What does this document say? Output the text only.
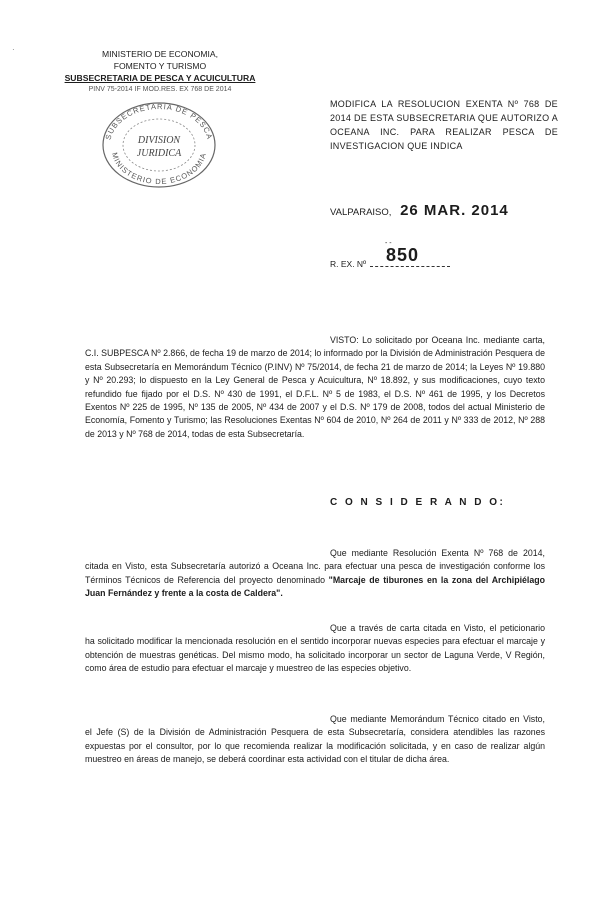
·	MINISTERIO DE ECONOMIA,
FOMENTO Y TURISMO
SUBSECRETARIA DE PESCA Y ACUICULTURA
PINV 75-2014 IF MOD.RES. EX 768 DE 2014
SUBSECRETARIA DE PESCA
MINISTERIO DE ECONOMIA
DIVISION
JURIDICA
MODIFICA LA RESOLUCION EXENTA Nº 768 DE 2014 DE ESTA SUBSECRETARIA QUE AUTORIZO A OCEANA INC. PARA REALIZAR PESCA DE INVESTIGACION QUE INDICA
VALPARAISO, 26 MAR. 2014
- -
850
R. EX. Nº
VISTO: Lo solicitado por Oceana Inc. mediante carta, C.I. SUBPESCA Nº 2.866, de fecha 19 de marzo de 2014; lo informado por la División de Administración Pesquera de esta Subsecretaría en Memorándum Técnico (P.INV) Nº 75/2014, de fecha 21 de marzo de 2014; la Leyes Nº 19.880 y Nº 20.293; lo dispuesto en la Ley General de Pesca y Acuicultura, Nº 18.892, y sus modificaciones, cuyo texto refundido fue fijado por el D.S. Nº 430 de 1991, el D.F.L. Nº 5 de 1983, el D.S. Nº 461 de 1995, y los Decretos Exentos Nº 225 de 1995, Nº 135 de 2005, Nº 434 de 2007 y el D.S. Nº 179 de 2008, todos del actual Ministerio de Economía, Fomento y Turismo; las Resoluciones Exentas Nº 604 de 2010, Nº 264 de 2011 y Nº 333 de 2012, Nº 288 de 2013 y Nº 768 de 2014, todas de esta Subsecretaría.
C O N S I D E R A N D O:
Que mediante Resolución Exenta Nº 768 de 2014, citada en Visto, esta Subsecretaría autorizó a Oceana Inc. para efectuar una pesca de investigación conforme los Términos Técnicos de Referencia del proyecto denominado "Marcaje de tiburones en la zona del Archipiélago Juan Fernández y frente a la costa de Caldera".
Que a través de carta citada en Visto, el peticionario ha solicitado modificar la mencionada resolución en el sentido incorporar nuevas especies para efectuar el marcaje y obtención de muestras genéticas. Del mismo modo, ha solicitado incorporar un sector de Laguna Verde, V Región, como área de estudio para efectuar el marcaje y muestreo de las especies objetivo.
Que mediante Memorándum Técnico citado en Visto, el Jefe (S) de la División de Administración Pesquera de esta Subsecretaría, considera atendibles las razones expuestas por el consultor, por lo que recomienda realizar la modificación solicitada, y en caso de realizar algún muestreo en áreas de manejo, se deberá coordinar esta actividad con el titular de dicha área.
